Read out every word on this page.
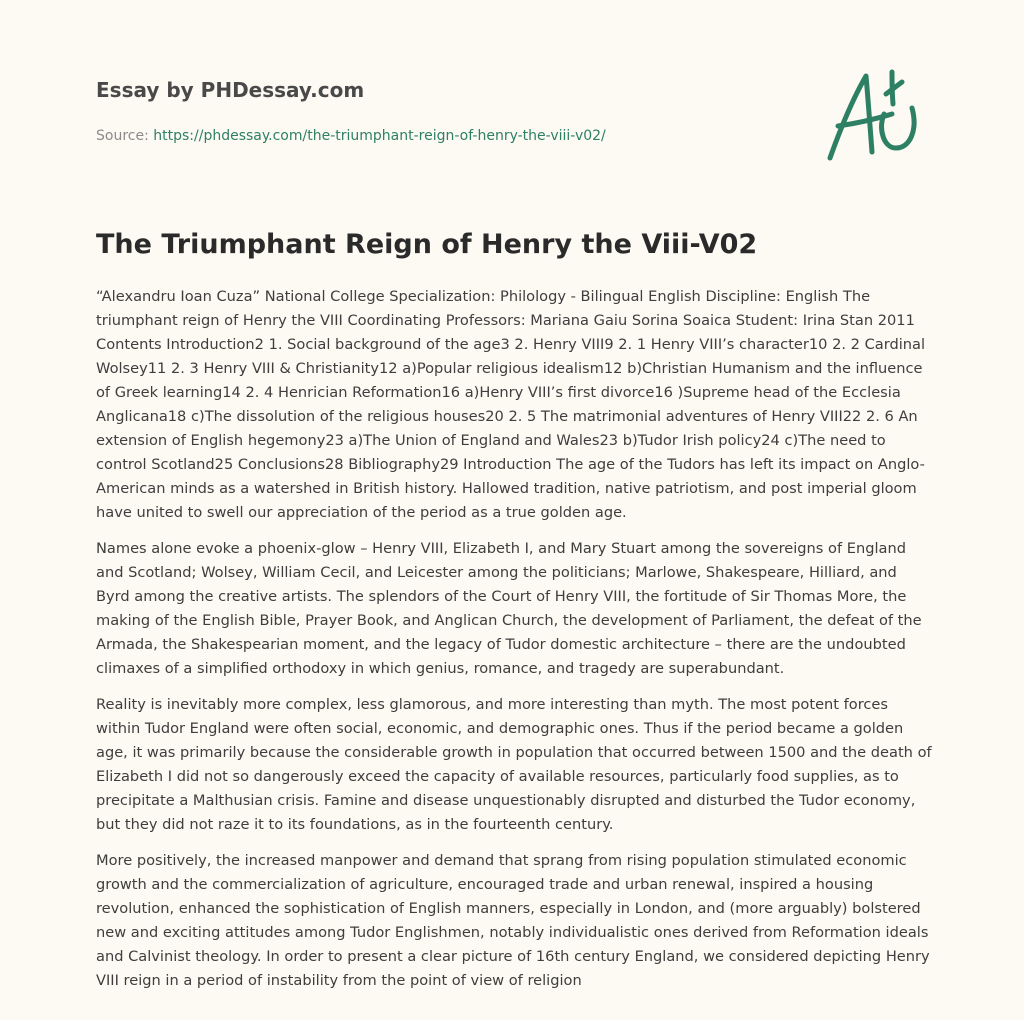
Essay by PHDessay.com
Source: https://phdessay.com/the-triumphant-reign-of-henry-the-viii-v02/
The Triumphant Reign of Henry the Viii-V02

“Alexandru Ioan Cuza” National College Specialization: Philology - Bilingual English Discipline: English The triumphant reign of Henry the VIII Coordinating Professors: Mariana Gaiu Sorina Soaica Student: Irina Stan 2011 Contents Introduction2 1. Social background of the age3 2. Henry VIII9 2. 1 Henry VIII’s character10 2. 2 Cardinal Wolsey11 2. 3 Henry VIII & Christianity12 a)Popular religious idealism12 b)Christian Humanism and the influence of Greek learning14 2. 4 Henrician Reformation16 a)Henry VIII’s first divorce16 )Supreme head of the Ecclesia Anglicana18 c)The dissolution of the religious houses20 2. 5 The matrimonial adventures of Henry VIII22 2. 6 An extension of English hegemony23 a)The Union of England and Wales23 b)Tudor Irish policy24 c)The need to control Scotland25 Conclusions28 Bibliography29 Introduction The age of the Tudors has left its impact on Anglo-American minds as a watershed in British history. Hallowed tradition, native patriotism, and post imperial gloom have united to swell our appreciation of the period as a true golden age.

Names alone evoke a phoenix-glow – Henry VIII, Elizabeth I, and Mary Stuart among the sovereigns of England and Scotland; Wolsey, William Cecil, and Leicester among the politicians; Marlowe, Shakespeare, Hilliard, and Byrd among the creative artists. The splendors of the Court of Henry VIII, the fortitude of Sir Thomas More, the making of the English Bible, Prayer Book, and Anglican Church, the development of Parliament, the defeat of the Armada, the Shakespearian moment, and the legacy of Tudor domestic architecture – there are the undoubted climaxes of a simplified orthodoxy in which genius, romance, and tragedy are superabundant.

Reality is inevitably more complex, less glamorous, and more interesting than myth. The most potent forces within Tudor England were often social, economic, and demographic ones. Thus if the period became a golden age, it was primarily because the considerable growth in population that occurred between 1500 and the death of Elizabeth I did not so dangerously exceed the capacity of available resources, particularly food supplies, as to precipitate a Malthusian crisis. Famine and disease unquestionably disrupted and disturbed the Tudor economy, but they did not raze it to its foundations, as in the fourteenth century.

More positively, the increased manpower and demand that sprang from rising population stimulated economic growth and the commercialization of agriculture, encouraged trade and urban renewal, inspired a housing revolution, enhanced the sophistication of English manners, especially in London, and (more arguably) bolstered new and exciting attitudes among Tudor Englishmen, notably individualistic ones derived from Reformation ideals and Calvinist theology. In order to present a clear picture of 16th century England, we considered depicting Henry VIII reign in a period of instability from the point of view of religion
